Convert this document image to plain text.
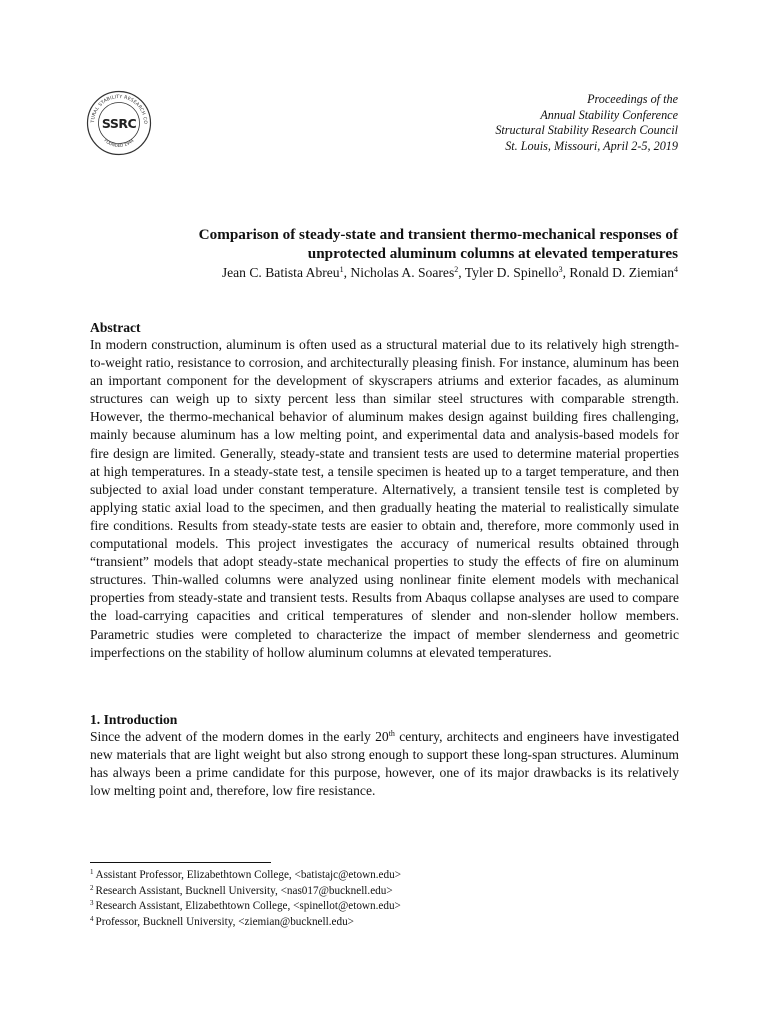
TURAL STABILITY RESEARCH CO
FOUNDED 1944
SSRC
Proceedings of the
Annual Stability Conference
Structural Stability Research Council
St. Louis, Missouri, April 2-5, 2019
Comparison of steady-state and transient thermo-mechanical responses of
unprotected aluminum columns at elevated temperatures
Jean C. Batista Abreu$^1$, Nicholas A. Soares$^2$, Tyler D. Spinello$^3$, Ronald D. Ziemian$^4$
Abstract

In modern construction, aluminum is often used as a structural material due to its relatively high strength-to-weight ratio, resistance to corrosion, and architecturally pleasing finish. For instance, aluminum has been an important component for the development of skyscrapers atriums and exterior facades, as aluminum structures can weigh up to sixty percent less than similar steel structures with comparable strength. However, the thermo-mechanical behavior of aluminum makes design against building fires challenging, mainly because aluminum has a low melting point, and experimental data and analysis-based models for fire design are limited. Generally, steady-state and transient tests are used to determine material properties at high temperatures. In a steady-state test, a tensile specimen is heated up to a target temperature, and then subjected to axial load under constant temperature. Alternatively, a transient tensile test is completed by applying static axial load to the specimen, and then gradually heating the material to realistically simulate fire conditions. Results from steady-state tests are easier to obtain and, therefore, more commonly used in computational models. This project investigates the accuracy of numerical results obtained through “transient” models that adopt steady-state mechanical properties to study the effects of fire on aluminum structures. Thin-walled columns were analyzed using nonlinear finite element models with mechanical properties from steady-state and transient tests. Results from Abaqus collapse analyses are used to compare the load-carrying capacities and critical temperatures of slender and non-slender hollow members. Parametric studies were completed to characterize the impact of member slenderness and geometric imperfections on the stability of hollow aluminum columns at elevated temperatures.

1. Introduction

Since the advent of the modern domes in the early 20th century, architects and engineers have investigated new materials that are light weight but also strong enough to support these long-span structures. Aluminum has always been a prime candidate for this purpose, however, one of its major drawbacks is its relatively low melting point and, therefore, low fire resistance.

$^1$ Assistant Professor, Elizabethtown College, <batistajc@etown.edu>
$^2$ Research Assistant, Bucknell University, <nas017@bucknell.edu>
$^3$ Research Assistant, Elizabethtown College, <spinellot@etown.edu>
$^4$ Professor, Bucknell University, <ziemian@bucknell.edu>
